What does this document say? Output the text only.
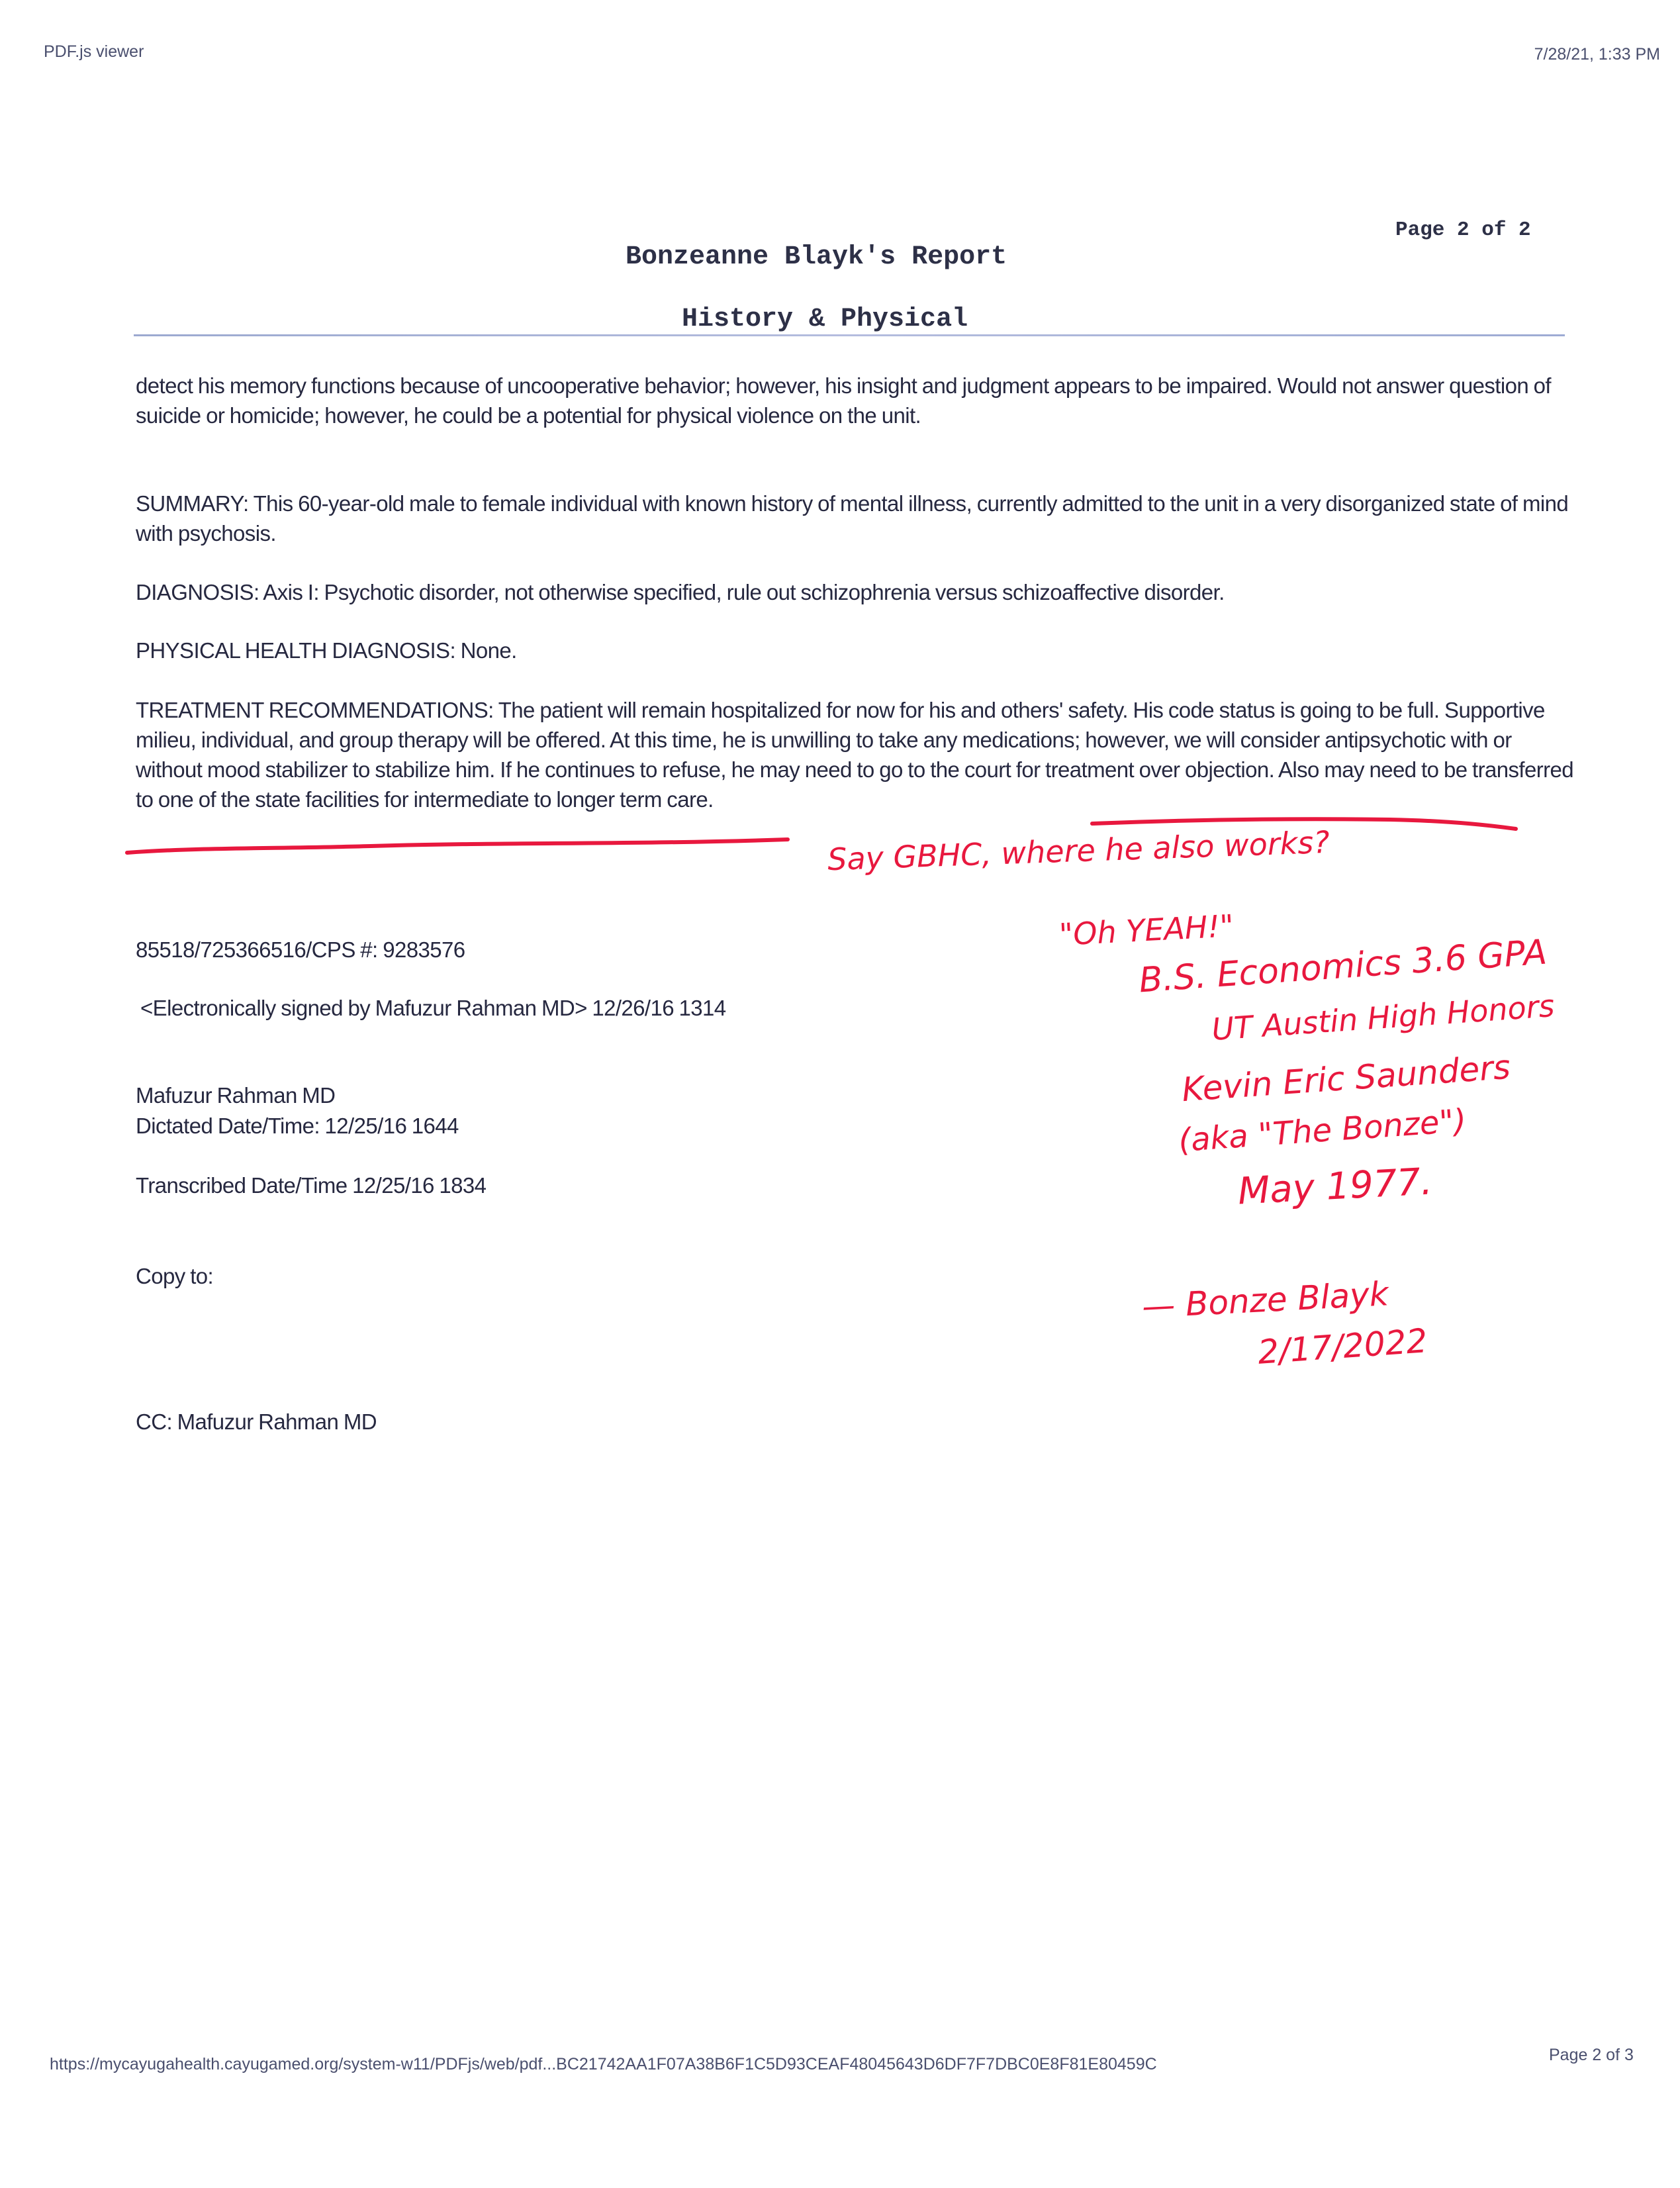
PDF.js viewer	7/28/21, 1:33 PM
Page 2 of 2
Bonzeanne Blayk's Report
History & Physical
detect his memory functions because of uncooperative behavior; however, his insight and judgment appears to be impaired. Would not answer question of suicide or homicide; however, he could be a potential for physical violence on the unit.
SUMMARY: This 60-year-old male to female individual with known history of mental illness, currently admitted to the unit in a very disorganized state of mind with psychosis.
DIAGNOSIS: Axis I: Psychotic disorder, not otherwise specified, rule out schizophrenia versus schizoaffective disorder.
PHYSICAL HEALTH DIAGNOSIS: None.
TREATMENT RECOMMENDATIONS: The patient will remain hospitalized for now for his and others' safety. His code status is going to be full. Supportive milieu, individual, and group therapy will be offered. At this time, he is unwilling to take any medications; however, we will consider antipsychotic with or without mood stabilizer to stabilize him. If he continues to refuse, he may need to go to the court for treatment over objection. Also may need to be transferred to one of the state facilities for intermediate to longer term care.
85518/725366516/CPS #: 9283576
<Electronically signed by Mafuzur Rahman MD> 12/26/16 1314
Mafuzur Rahman MD
Dictated Date/Time: 12/25/16 1644
Transcribed Date/Time 12/25/16 1834
Copy to:
CC: Mafuzur Rahman MD
Say GBHC, where he also works?
"Oh YEAH!"
B.S. Economics 3.6 GPA
UT Austin High Honors
Kevin Eric Saunders
(aka "The Bonze")
May 1977.
— Bonze Blayk
2/17/2022
https://mycayugahealth.cayugamed.org/system-w11/PDFjs/web/pdf...BC21742AA1F07A38B6F1C5D93CEAF48045643D6DF7F7DBC0E8F81E80459C	Page 2 of 3
